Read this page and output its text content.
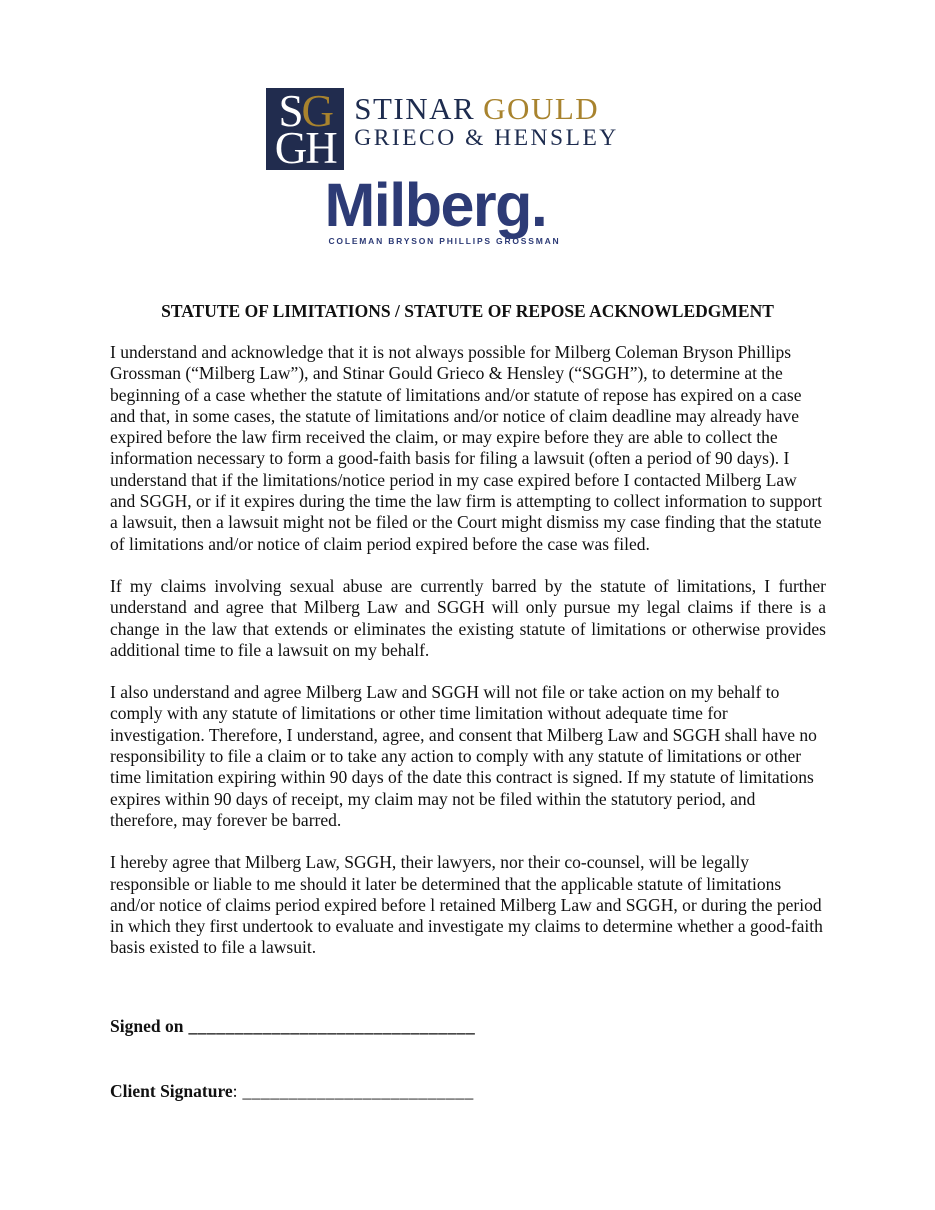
SG
GH
STINAR GOULD
GRIECO & HENSLEY
Milberg.
COLEMAN BRYSON PHILLIPS GROSSMAN
STATUTE OF LIMITATIONS / STATUTE OF REPOSE ACKNOWLEDGMENT

I understand and acknowledge that it is not always possible for Milberg Coleman Bryson Phillips Grossman (“Milberg Law”), and Stinar Gould Grieco & Hensley (“SGGH”), to determine at the beginning of a case whether the statute of limitations and/or statute of repose has expired on a case and that, in some cases, the statute of limitations and/or notice of claim deadline may already have expired before the law firm received the claim, or may expire before they are able to collect the information necessary to form a good-faith basis for filing a lawsuit (often a period of 90 days). I understand that if the limitations/notice period in my case expired before I contacted Milberg Law and SGGH, or if it expires during the time the law firm is attempting to collect information to support a lawsuit, then a lawsuit might not be filed or the Court might dismiss my case finding that the statute of limitations and/or notice of claim period expired before the case was filed.

If my claims involving sexual abuse are currently barred by the statute of limitations, I further understand and agree that Milberg Law and SGGH will only pursue my legal claims if there is a change in the law that extends or eliminates the existing statute of limitations or otherwise provides additional time to file a lawsuit on my behalf.

I also understand and agree Milberg Law and SGGH will not file or take action on my behalf to comply with any statute of limitations or other time limitation without adequate time for investigation. Therefore, I understand, agree, and consent that Milberg Law and SGGH shall have no responsibility to file a claim or to take any action to comply with any statute of limitations or other time limitation expiring within 90 days of the date this contract is signed. If my statute of limitations expires within 90 days of receipt, my claim may not be filed within the statutory period, and therefore, may forever be barred.

I hereby agree that Milberg Law, SGGH, their lawyers, nor their co-counsel, will be legally responsible or liable to me should it later be determined that the applicable statute of limitations and/or notice of claims period expired before l retained Milberg Law and SGGH, or during the period in which they first undertook to evaluate and investigate my claims to determine whether a good-faith basis existed to file a lawsuit.

Signed on _______________________________
Client Signature: _________________________
